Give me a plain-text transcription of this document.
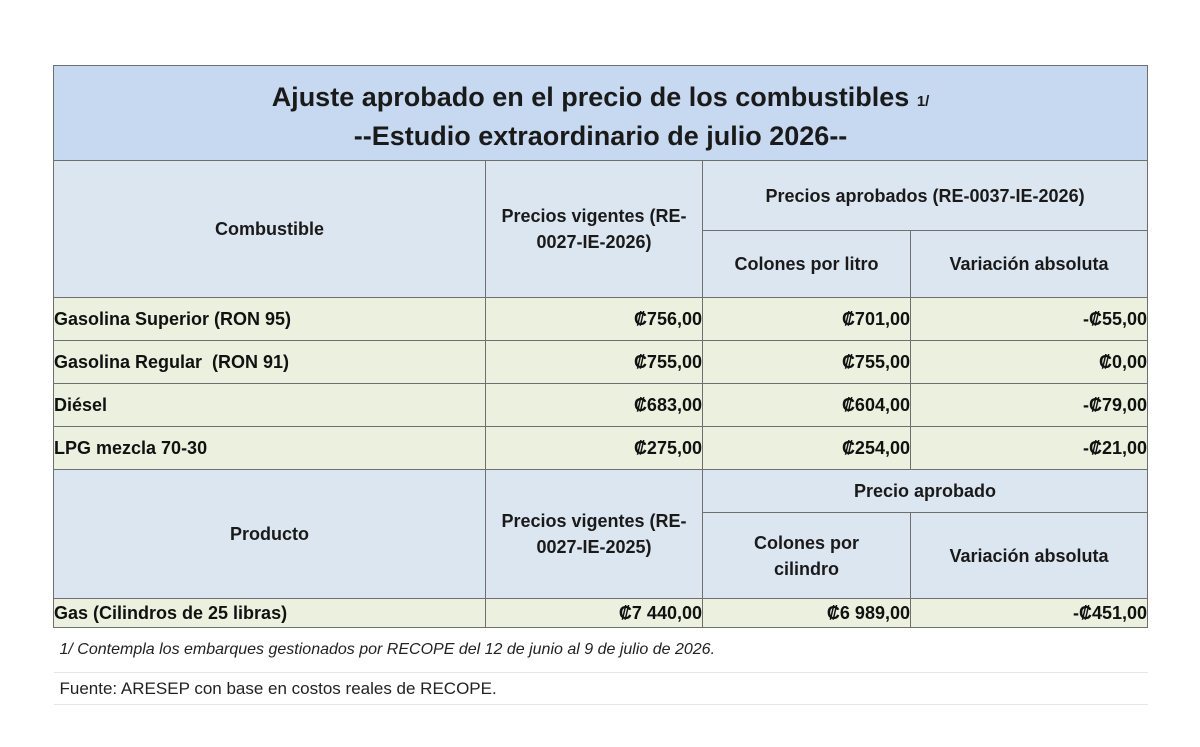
Ajuste aprobado en el precio de los combustibles 1/
--Estudio extraordinario de julio 2026--			

Combustible	Precios vigentes (RE-0027-IE-2026)	Precios aprobados (RE-0037-IE-2026)	
		Colones por litro	Variación absoluta
Gasolina Superior (RON 95)	₡756,00	₡701,00	-₡55,00
Gasolina Regular  (RON 91)	₡755,00	₡755,00	₡0,00
Diésel	₡683,00	₡604,00	-₡79,00
LPG mezcla 70-30	₡275,00	₡254,00	-₡21,00
Producto	Precios vigentes (RE-0027-IE-2025)	Precio aprobado	
		Colones por cilindro	Variación absoluta
Gas (Cilindros de 25 libras)	₡7 440,00	₡6 989,00	-₡451,00
1/ Contempla los embarques gestionados por RECOPE del 12 de junio al 9 de julio de 2026.			
Fuente: ARESEP con base en costos reales de RECOPE.			
